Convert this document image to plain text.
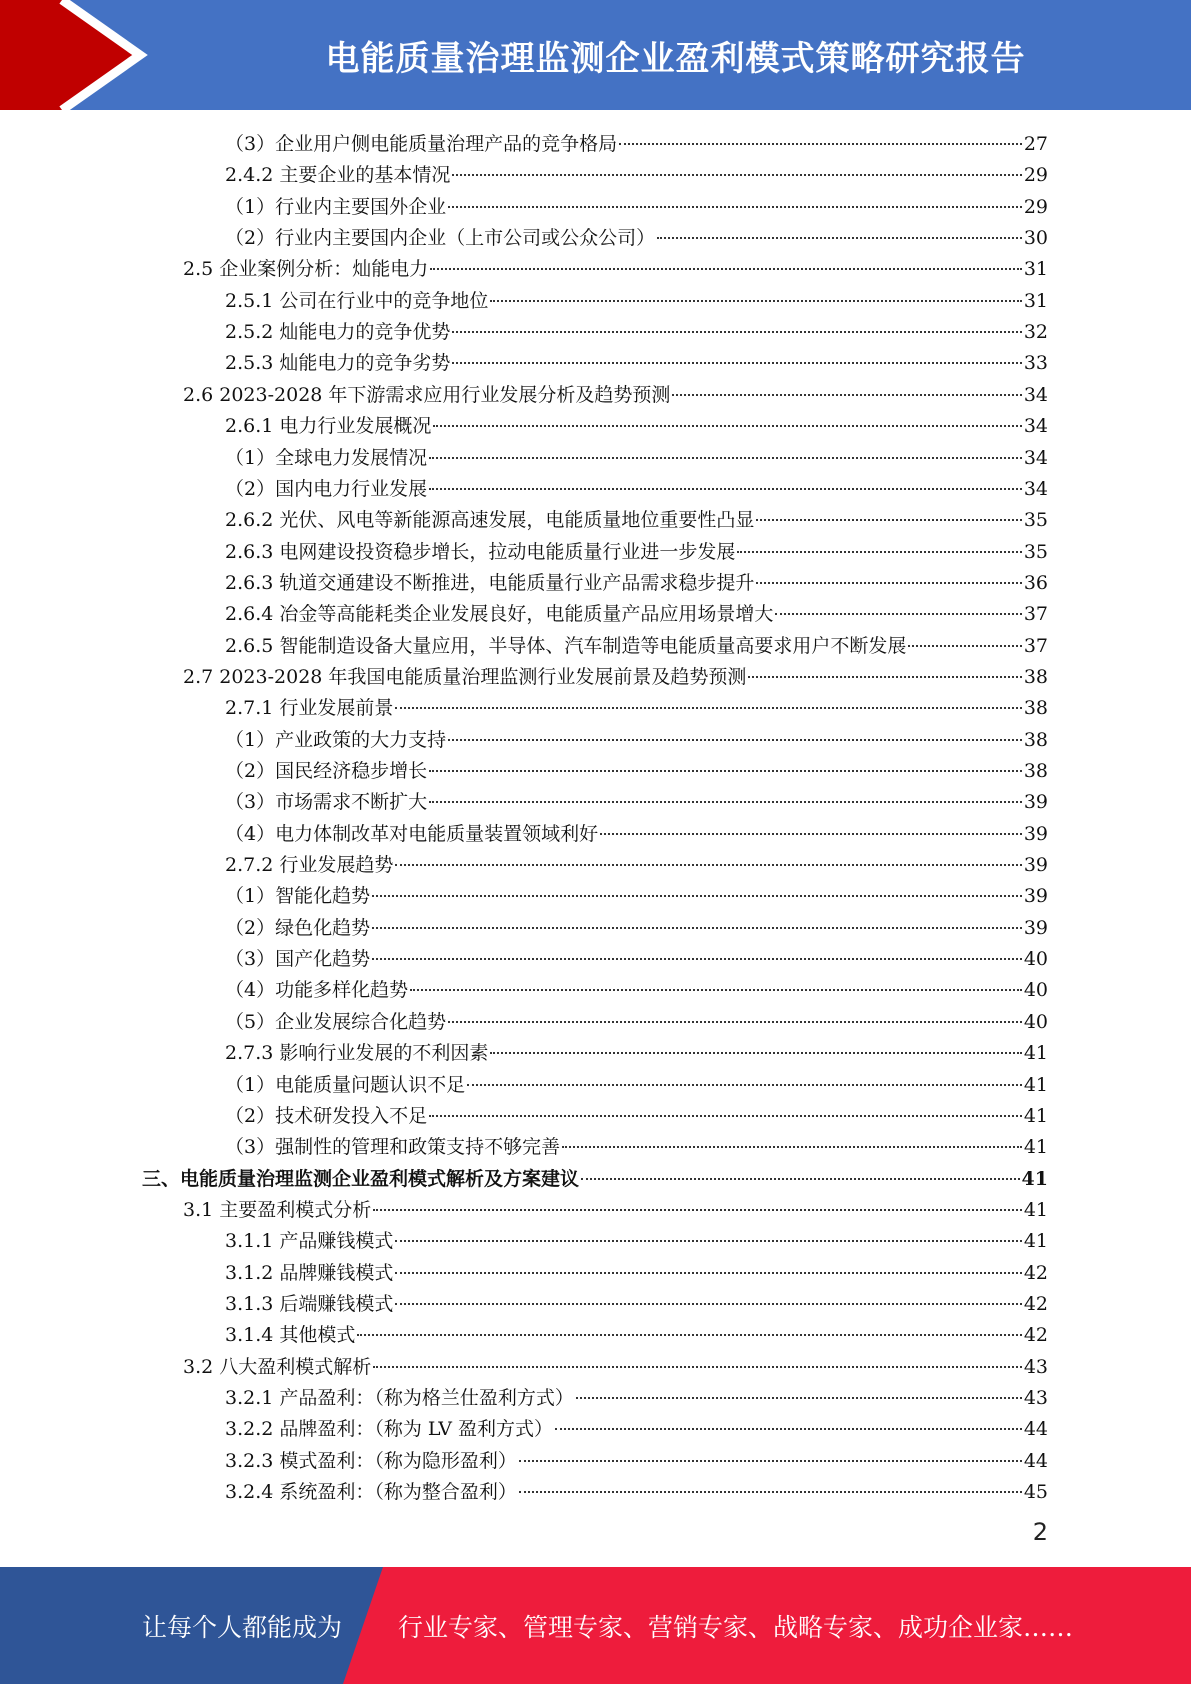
电能质量治理监测企业盈利模式策略研究报告
（3）企业用户侧电能质量治理产品的竞争格局	27
2.4.2 主要企业的基本情况	29
（1）行业内主要国外企业	29
（2）行业内主要国内企业（上市公司或公众公司）	30
2.5 企业案例分析：灿能电力	31
2.5.1 公司在行业中的竞争地位	31
2.5.2 灿能电力的竞争优势	32
2.5.3 灿能电力的竞争劣势	33
2.6 2023-2028 年下游需求应用行业发展分析及趋势预测	34
2.6.1 电力行业发展概况	34
（1）全球电力发展情况	34
（2）国内电力行业发展	34
2.6.2 光伏、风电等新能源高速发展，电能质量地位重要性凸显	35
2.6.3 电网建设投资稳步增长，拉动电能质量行业进一步发展	35
2.6.3 轨道交通建设不断推进，电能质量行业产品需求稳步提升	36
2.6.4 冶金等高能耗类企业发展良好，电能质量产品应用场景增大	37
2.6.5 智能制造设备大量应用，半导体、汽车制造等电能质量高要求用户不断发展	37
2.7 2023-2028 年我国电能质量治理监测行业发展前景及趋势预测	38
2.7.1 行业发展前景	38
（1）产业政策的大力支持	38
（2）国民经济稳步增长	38
（3）市场需求不断扩大	39
（4）电力体制改革对电能质量装置领域利好	39
2.7.2 行业发展趋势	39
（1）智能化趋势	39
（2）绿色化趋势	39
（3）国产化趋势	40
（4）功能多样化趋势	40
（5）企业发展综合化趋势	40
2.7.3 影响行业发展的不利因素	41
（1）电能质量问题认识不足	41
（2）技术研发投入不足	41
（3）强制性的管理和政策支持不够完善	41
三、电能质量治理监测企业盈利模式解析及方案建议	41
3.1 主要盈利模式分析	41
3.1.1 产品赚钱模式	41
3.1.2 品牌赚钱模式	42
3.1.3 后端赚钱模式	42
3.1.4 其他模式	42
3.2 八大盈利模式解析	43
3.2.1 产品盈利：（称为格兰仕盈利方式）	43
3.2.2 品牌盈利：（称为 LV 盈利方式）	44
3.2.3 模式盈利：（称为隐形盈利）	44
3.2.4 系统盈利：（称为整合盈利）	45
2
让每个人都能成为 行业专家、管理专家、营销专家、战略专家、成功企业家……
